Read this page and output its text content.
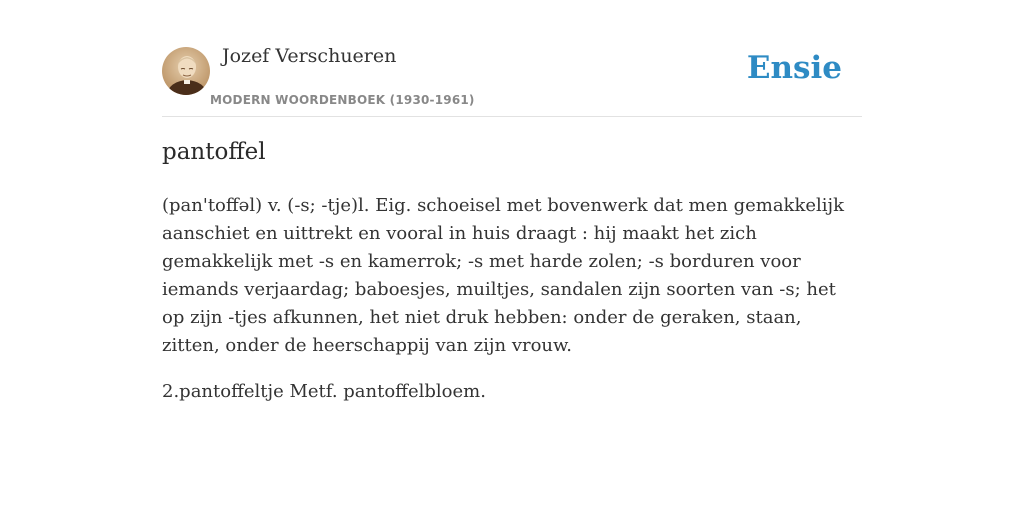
Jozef Verschueren
MODERN WOORDENBOEK (1930-1961)
Ensie
pantoffel

(pan'toffəl) v. (-s; -tje)l. Eig. schoeisel met bovenwerk dat men gemakkelijk aanschiet en uittrekt en vooral in huis draagt : hij maakt het zich gemakkelijk met -s en kamerrok; -s met harde zolen; -s borduren voor iemands verjaardag; baboesjes, muiltjes, sandalen zijn soorten van -s; het op zijn -tjes afkunnen, het niet druk hebben: onder de geraken, staan, zitten, onder de heerschappij van zijn vrouw.

2.pantoffeltje Metf. pantoffelbloem.
